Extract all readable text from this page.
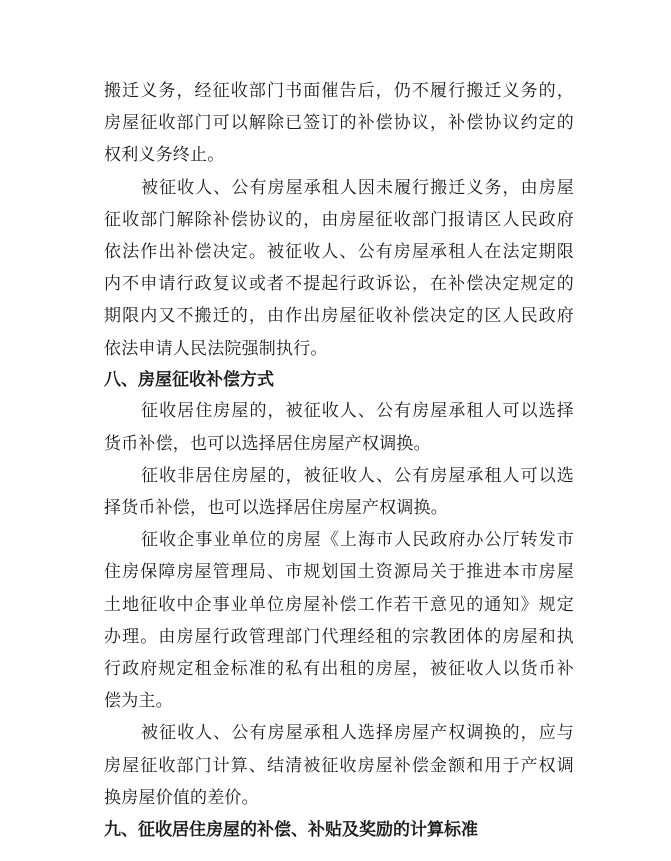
搬迁义务，经征收部门书面催告后，仍不履行搬迁义务的，
房屋征收部门可以解除已签订的补偿协议，补偿协议约定的
权利义务终止。
被征收人、公有房屋承租人因未履行搬迁义务，由房屋
征收部门解除补偿协议的，由房屋征收部门报请区人民政府
依法作出补偿决定。被征收人、公有房屋承租人在法定期限
内不申请行政复议或者不提起行政诉讼，在补偿决定规定的
期限内又不搬迁的，由作出房屋征收补偿决定的区人民政府
依法申请人民法院强制执行。
八、房屋征收补偿方式
征收居住房屋的，被征收人、公有房屋承租人可以选择
货币补偿，也可以选择居住房屋产权调换。
征收非居住房屋的，被征收人、公有房屋承租人可以选
择货币补偿，也可以选择居住房屋产权调换。
征收企事业单位的房屋《上海市人民政府办公厅转发市
住房保障房屋管理局、市规划国土资源局关于推进本市房屋
土地征收中企事业单位房屋补偿工作若干意见的通知》规定
办理。由房屋行政管理部门代理经租的宗教团体的房屋和执
行政府规定租金标准的私有出租的房屋，被征收人以货币补
偿为主。
被征收人、公有房屋承租人选择房屋产权调换的，应与
房屋征收部门计算、结清被征收房屋补偿金额和用于产权调
换房屋价值的差价。
九、征收居住房屋的补偿、补贴及奖励的计算标准
